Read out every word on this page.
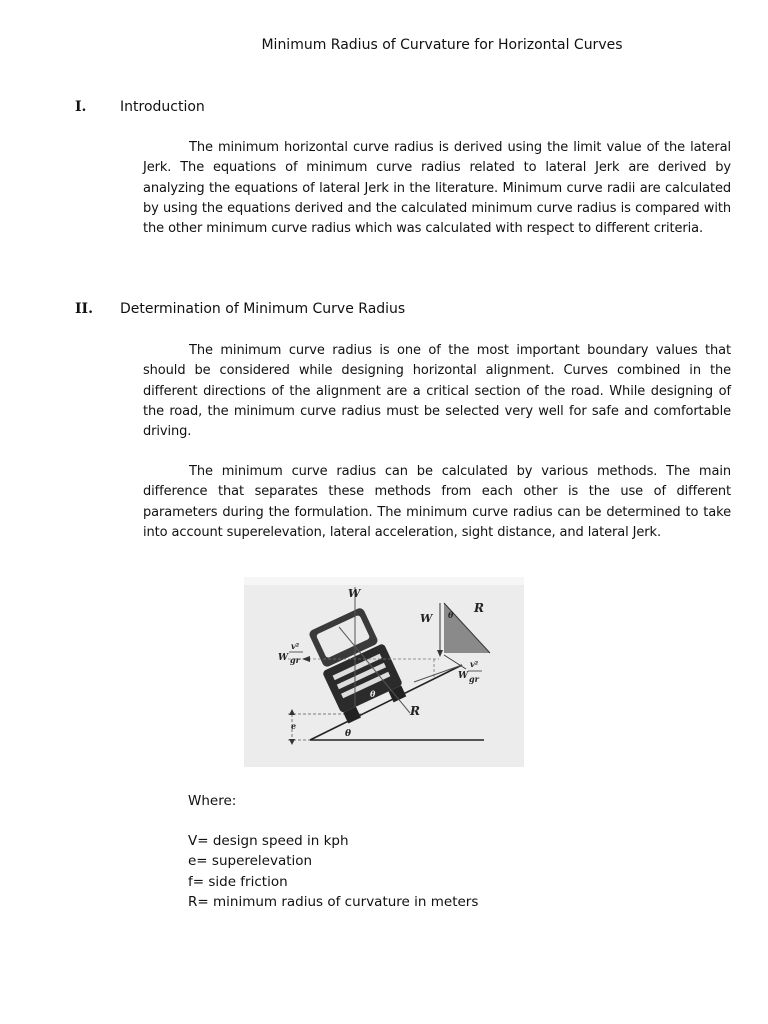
Minimum Radius of Curvature for Horizontal Curves
I. Introduction

The minimum horizontal curve radius is derived using the limit value of the lateral Jerk. The equations of minimum curve radius related to lateral Jerk are derived by analyzing the equations of lateral Jerk in the literature. Minimum curve radii are calculated by using the equations derived and the calculated minimum curve radius is compared with the other minimum curve radius which was calculated with respect to different criteria.

II. Determination of Minimum Curve Radius

The minimum curve radius is one of the most important boundary values that should be considered while designing horizontal alignment. Curves combined in the different directions of the alignment are a critical section of the road. While designing of the road, the minimum curve radius must be selected very well for safe and comfortable driving.

The minimum curve radius can be calculated by various methods. The main difference that separates these methods from each other is the use of different parameters during the formulation. The minimum curve radius can be determined to take into account superelevation, lateral acceleration, sight distance, and lateral Jerk.

W
W θ R
W
v²
gr
W
v²
gr
R
e
θ
θ
Where:
V= design speed in kph
e= superelevation
f= side friction
R= minimum radius of curvature in meters
